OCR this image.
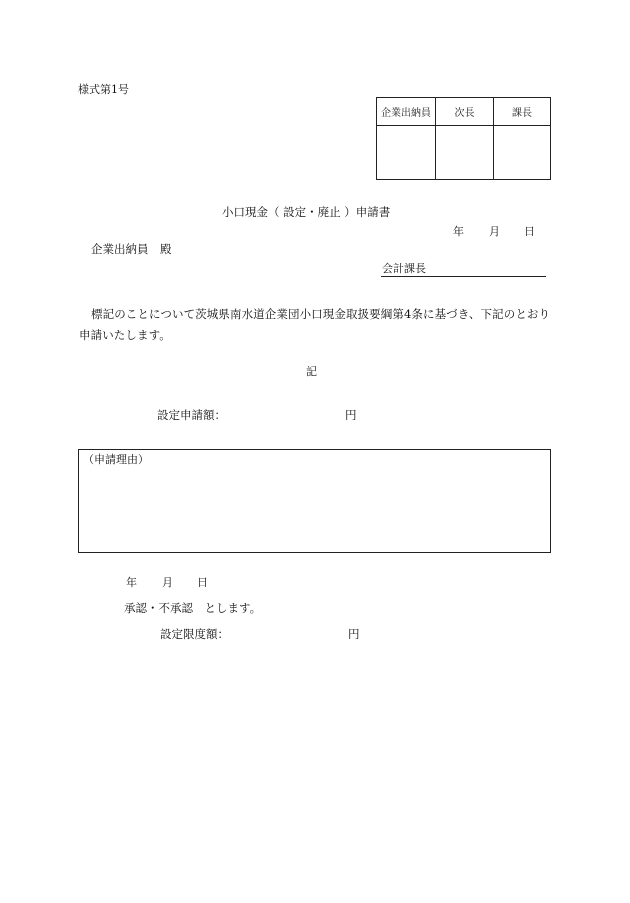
様式第1号
企業出納員	次長	課長
小口現金（ 設定・廃止 ）申請書
年 月 日
企業出納員　殿
会計課長
標記のことについて茨城県南水道企業団小口現金取扱要綱第4条に基づき、下記のとおり申請いたします。
記
設定申請額：	円
（申請理由）
年 月 日
承認・不承認　とします。
設定限度額：	円
